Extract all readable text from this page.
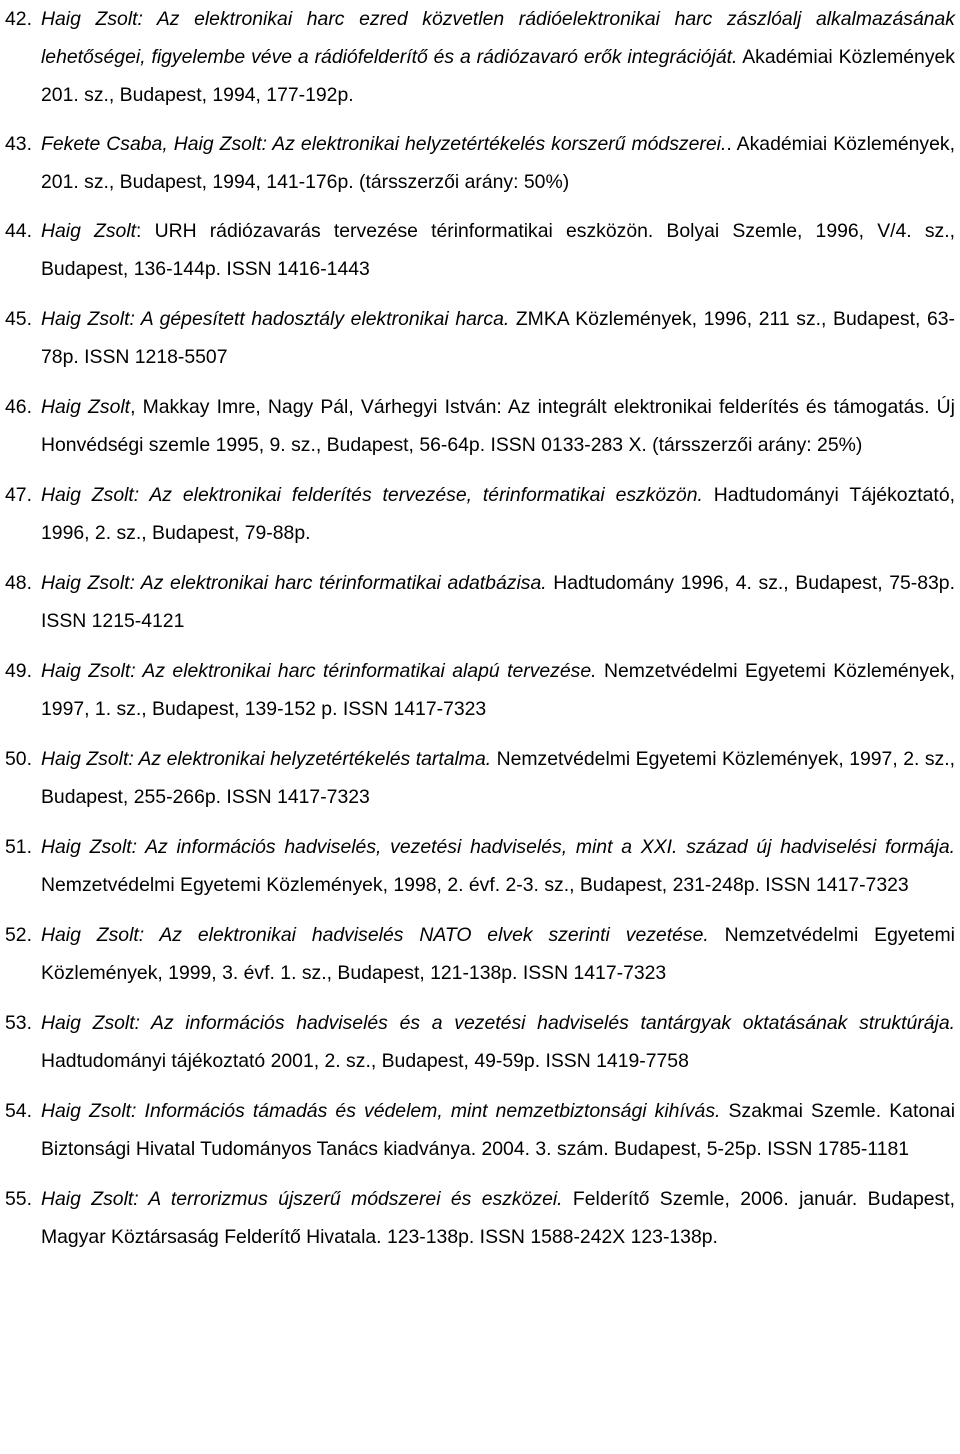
42. Haig Zsolt: Az elektronikai harc ezred közvetlen rádióelektronikai harc zászlóalj alkalmazásának lehetőségei, figyelembe véve a rádiófelderítő és a rádiózavaró erők integrációját. Akadémiai Közlemények 201. sz., Budapest, 1994, 177-192p.
43. Fekete Csaba, Haig Zsolt: Az elektronikai helyzetértékelés korszerű módszerei.. Akadémiai Közlemények, 201. sz., Budapest, 1994, 141-176p. (társszerzői arány: 50%)
44. Haig Zsolt: URH rádiózavarás tervezése térinformatikai eszközön. Bolyai Szemle, 1996, V/4. sz., Budapest, 136-144p. ISSN 1416-1443
45. Haig Zsolt: A gépesített hadosztály elektronikai harca. ZMKA Közlemények, 1996, 211 sz., Budapest, 63-78p. ISSN 1218-5507
46. Haig Zsolt, Makkay Imre, Nagy Pál, Várhegyi István: Az integrált elektronikai felderítés és támogatás. Új Honvédségi szemle 1995, 9. sz., Budapest, 56-64p. ISSN 0133-283 X. (társszerzői arány: 25%)
47. Haig Zsolt: Az elektronikai felderítés tervezése, térinformatikai eszközön. Hadtudományi Tájékoztató, 1996, 2. sz., Budapest, 79-88p.
48. Haig Zsolt: Az elektronikai harc térinformatikai adatbázisa. Hadtudomány 1996, 4. sz., Budapest, 75-83p. ISSN 1215-4121
49. Haig Zsolt: Az elektronikai harc térinformatikai alapú tervezése. Nemzetvédelmi Egyetemi Közlemények, 1997, 1. sz., Budapest, 139-152 p. ISSN 1417-7323
50. Haig Zsolt: Az elektronikai helyzetértékelés tartalma. Nemzetvédelmi Egyetemi Közlemények, 1997, 2. sz., Budapest, 255-266p. ISSN 1417-7323
51. Haig Zsolt: Az információs hadviselés, vezetési hadviselés, mint a XXI. század új hadviselési formája. Nemzetvédelmi Egyetemi Közlemények, 1998, 2. évf. 2-3. sz., Budapest, 231-248p. ISSN 1417-7323
52. Haig Zsolt: Az elektronikai hadviselés NATO elvek szerinti vezetése. Nemzetvédelmi Egyetemi Közlemények, 1999, 3. évf. 1. sz., Budapest, 121-138p. ISSN 1417-7323
53. Haig Zsolt: Az információs hadviselés és a vezetési hadviselés tantárgyak oktatásának struktúrája. Hadtudományi tájékoztató 2001, 2. sz., Budapest, 49-59p. ISSN 1419-7758
54. Haig Zsolt: Információs támadás és védelem, mint nemzetbiztonsági kihívás. Szakmai Szemle. Katonai Biztonsági Hivatal Tudományos Tanács kiadványa. 2004. 3. szám. Budapest, 5-25p. ISSN 1785-1181
55. Haig Zsolt: A terrorizmus újszerű módszerei és eszközei. Felderítő Szemle, 2006. január. Budapest, Magyar Köztársaság Felderítő Hivatala. 123-138p. ISSN 1588-242X 123-138p.
